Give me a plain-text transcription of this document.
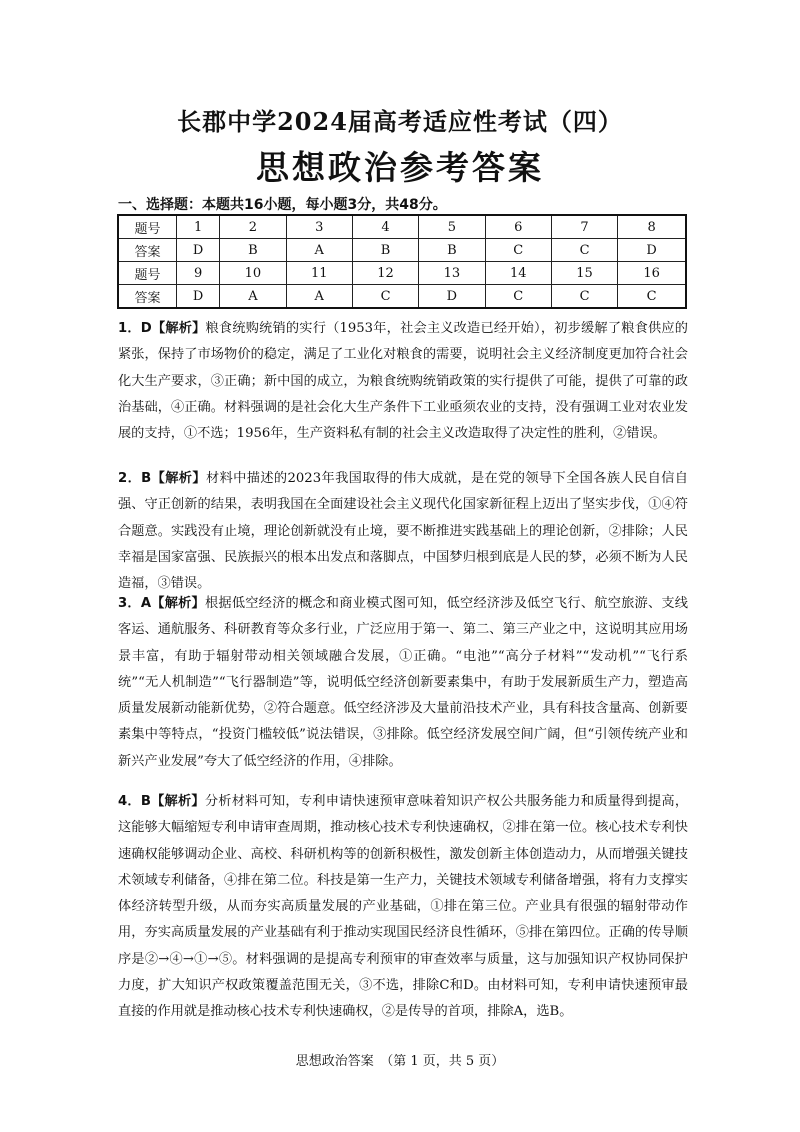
长郡中学2024届高考适应性考试（四）
思想政治参考答案
一、选择题：本题共16小题，每小题3分，共48分。
题号	1	2	3	4	5	6	7	8
答案	D	B	A	B	B	C	C	D
题号	9	10	11	12	13	14	15	16
答案	D	A	A	C	D	C	C	C

1．D【解析】粮食统购统销的实行（1953年，社会主义改造已经开始），初步缓解了粮食供应的紧张，保持了市场物价的稳定，满足了工业化对粮食的需要，说明社会主义经济制度更加符合社会化大生产要求，③正确；新中国的成立，为粮食统购统销政策的实行提供了可能，提供了可靠的政治基础，④正确。材料强调的是社会化大生产条件下工业亟须农业的支持，没有强调工业对农业发展的支持，①不选；1956年，生产资料私有制的社会主义改造取得了决定性的胜利，②错误。

2．B【解析】材料中描述的2023年我国取得的伟大成就，是在党的领导下全国各族人民自信自强、守正创新的结果，表明我国在全面建设社会主义现代化国家新征程上迈出了坚实步伐，①④符合题意。实践没有止境，理论创新就没有止境，要不断推进实践基础上的理论创新，②排除；人民幸福是国家富强、民族振兴的根本出发点和落脚点，中国梦归根到底是人民的梦，必须不断为人民造福，③错误。

3．A【解析】根据低空经济的概念和商业模式图可知，低空经济涉及低空飞行、航空旅游、支线客运、通航服务、科研教育等众多行业，广泛应用于第一、第二、第三产业之中，这说明其应用场景丰富，有助于辐射带动相关领域融合发展，①正确。“电池”“高分子材料”“发动机”“飞行系统”“无人机制造”“飞行器制造”等，说明低空经济创新要素集中，有助于发展新质生产力，塑造高质量发展新动能新优势，②符合题意。低空经济涉及大量前沿技术产业，具有科技含量高、创新要素集中等特点，“投资门槛较低”说法错误，③排除。低空经济发展空间广阔，但“引领传统产业和新兴产业发展”夸大了低空经济的作用，④排除。

4．B【解析】分析材料可知，专利申请快速预审意味着知识产权公共服务能力和质量得到提高，这能够大幅缩短专利申请审查周期，推动核心技术专利快速确权，②排在第一位。核心技术专利快速确权能够调动企业、高校、科研机构等的创新积极性，激发创新主体创造动力，从而增强关键技术领域专利储备，④排在第二位。科技是第一生产力，关键技术领域专利储备增强，将有力支撑实体经济转型升级，从而夯实高质量发展的产业基础，①排在第三位。产业具有很强的辐射带动作用，夯实高质量发展的产业基础有利于推动实现国民经济良性循环，⑤排在第四位。正确的传导顺序是②→④→①→⑤。材料强调的是提高专利预审的审查效率与质量，这与加强知识产权协同保护力度，扩大知识产权政策覆盖范围无关，③不选，排除C和D。由材料可知，专利申请快速预审最直接的作用就是推动核心技术专利快速确权，②是传导的首项，排除A，选B。

思想政治答案　（第 1 页，共 5 页）
